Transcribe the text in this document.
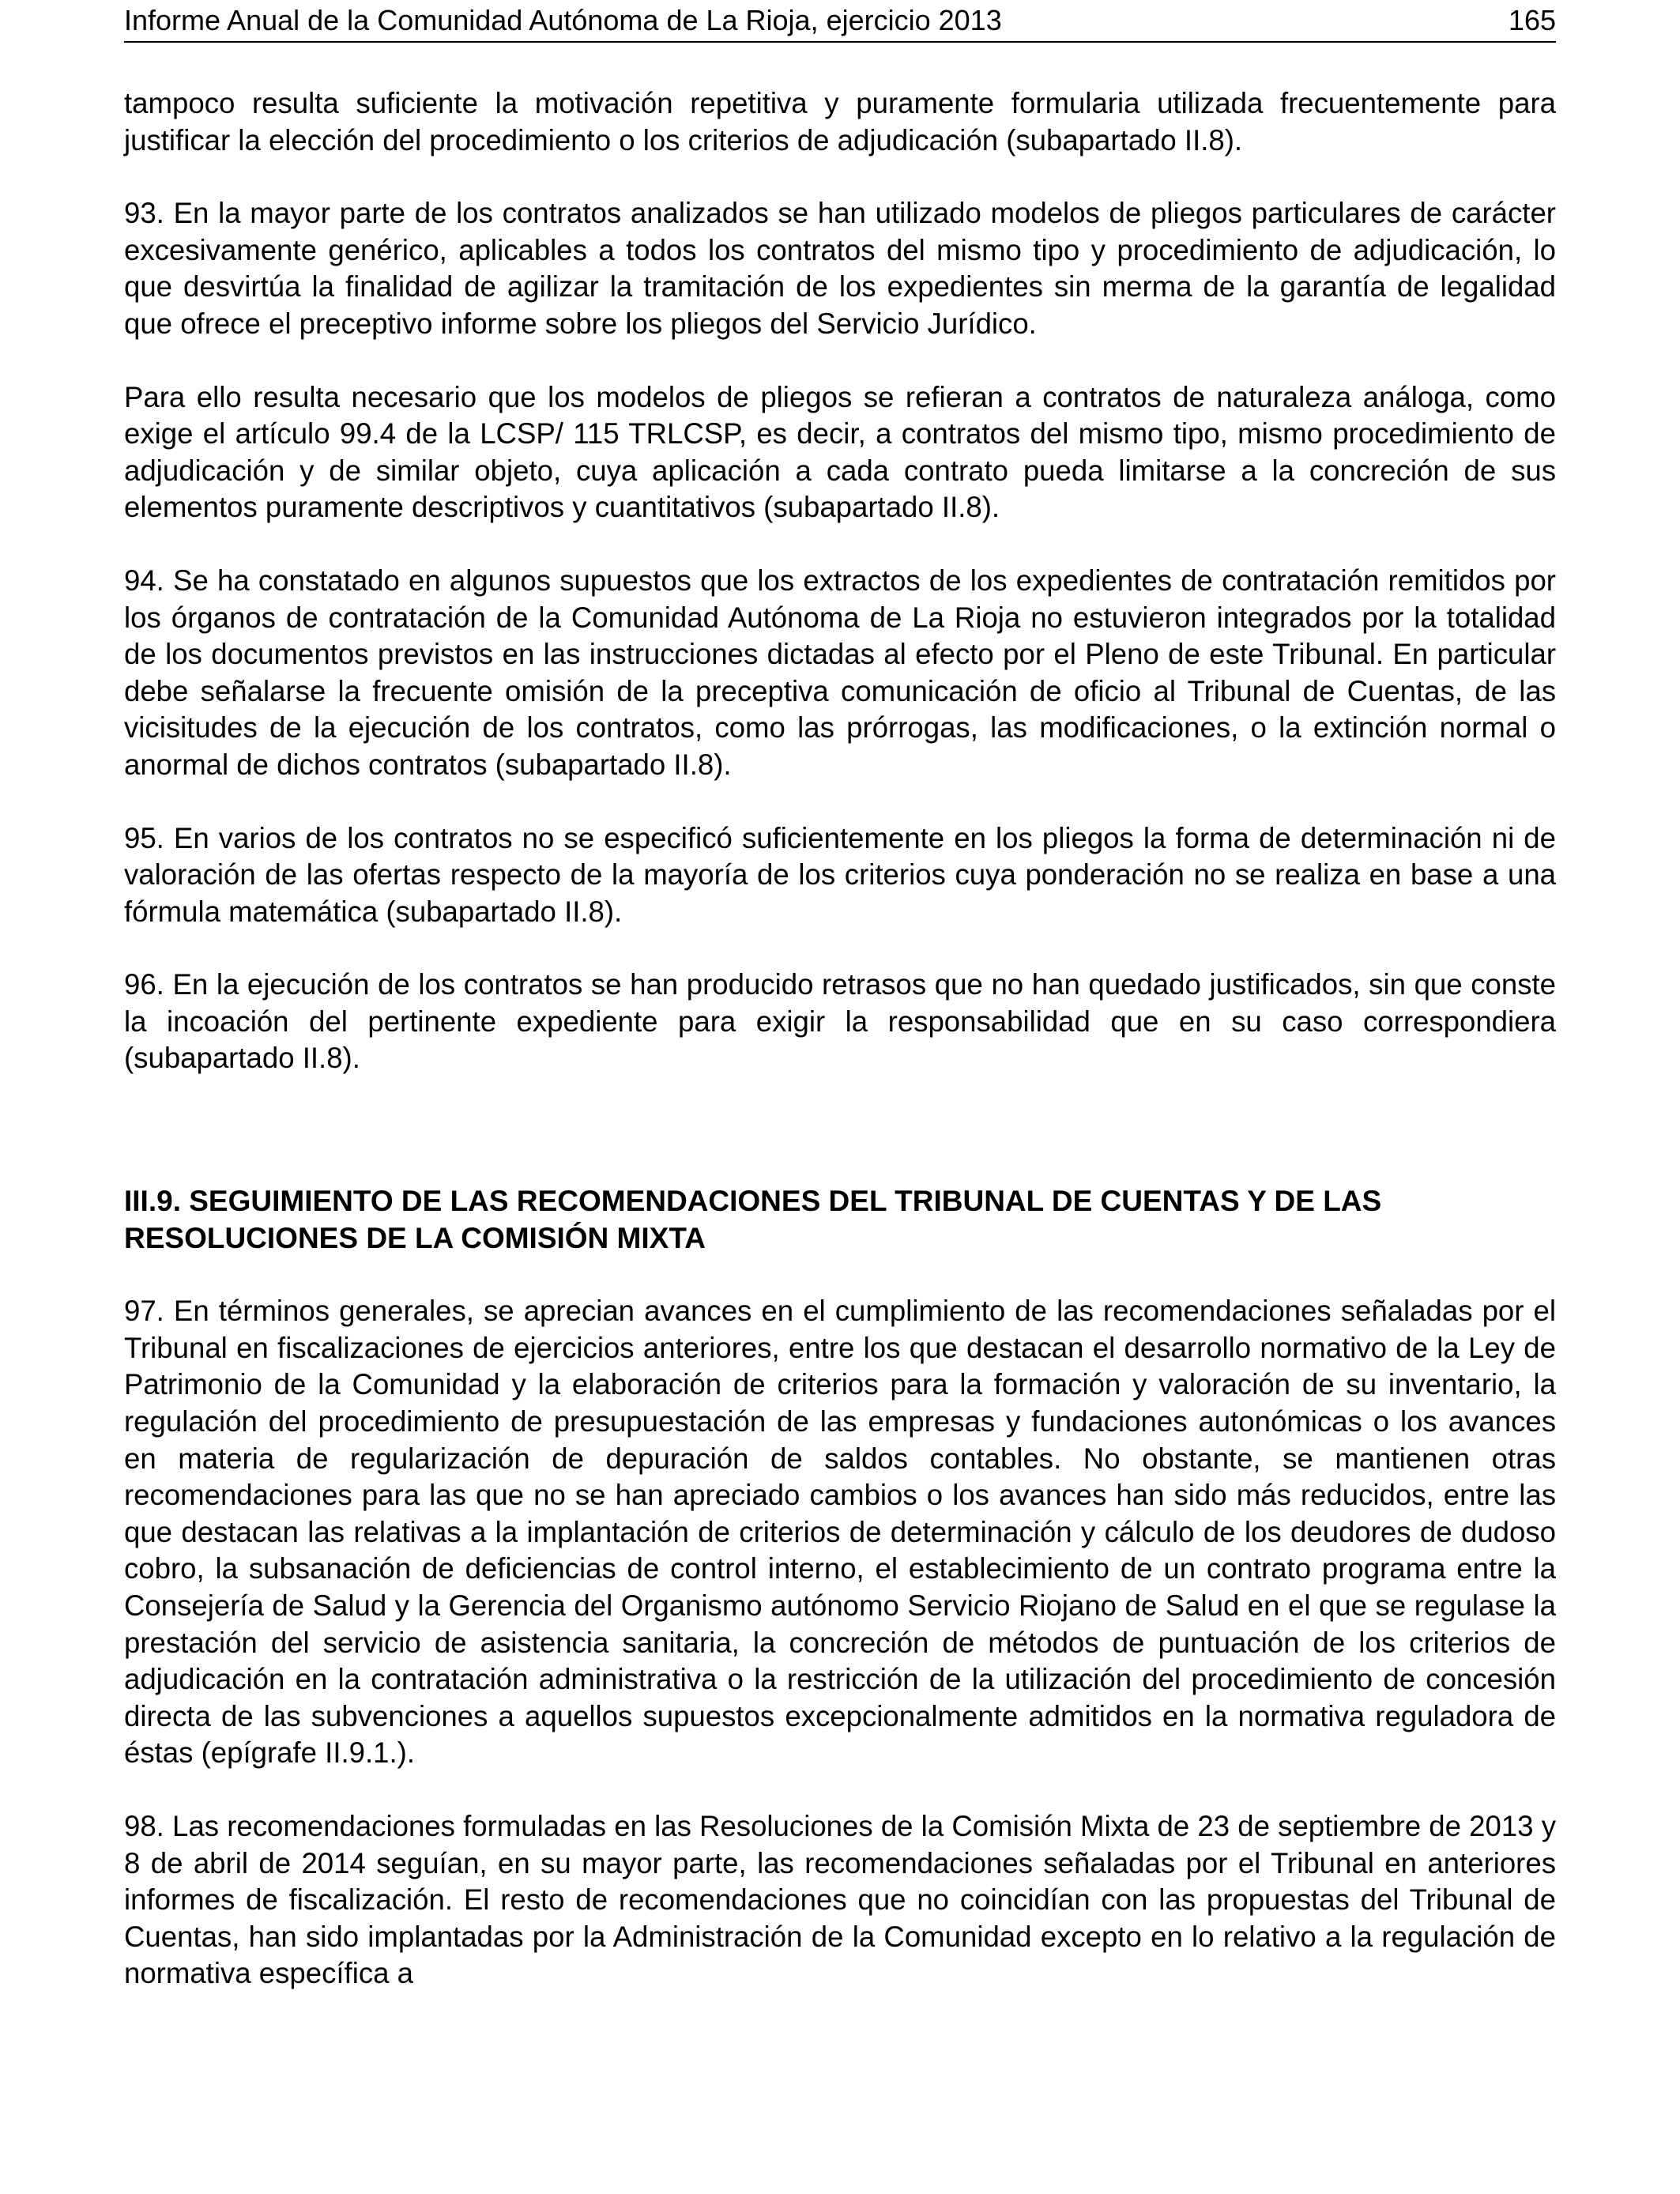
Informe Anual de la Comunidad Autónoma de La Rioja, ejercicio 2013	165

tampoco resulta suficiente la motivación repetitiva y puramente formularia utilizada frecuentemente para justificar la elección del procedimiento o los criterios de adjudicación (subapartado II.8).

93. En la mayor parte de los contratos analizados se han utilizado modelos de pliegos particulares de carácter excesivamente genérico, aplicables a todos los contratos del mismo tipo y procedimiento de adjudicación, lo que desvirtúa la finalidad de agilizar la tramitación de los expedientes sin merma de la garantía de legalidad que ofrece el preceptivo informe sobre los pliegos del Servicio Jurídico.

Para ello resulta necesario que los modelos de pliegos se refieran a contratos de naturaleza análoga, como exige el artículo 99.4 de la LCSP/ 115 TRLCSP, es decir, a contratos del mismo tipo, mismo procedimiento de adjudicación y de similar objeto, cuya aplicación a cada contrato pueda limitarse a la concreción de sus elementos puramente descriptivos y cuantitativos (subapartado II.8).

94. Se ha constatado en algunos supuestos que los extractos de los expedientes de contratación remitidos por los órganos de contratación de la Comunidad Autónoma de La Rioja no estuvieron integrados por la totalidad de los documentos previstos en las instrucciones dictadas al efecto por el Pleno de este Tribunal. En particular debe señalarse la frecuente omisión de la preceptiva comunicación de oficio al Tribunal de Cuentas, de las vicisitudes de la ejecución de los contratos, como las prórrogas, las modificaciones, o la extinción normal o anormal de dichos contratos (subapartado II.8).

95. En varios de los contratos no se especificó suficientemente en los pliegos la forma de determinación ni de valoración de las ofertas respecto de la mayoría de los criterios cuya ponderación no se realiza en base a una fórmula matemática (subapartado II.8).

96. En la ejecución de los contratos se han producido retrasos que no han quedado justificados, sin que conste la incoación del pertinente expediente para exigir la responsabilidad que en su caso correspondiera (subapartado II.8).

III.9. SEGUIMIENTO DE LAS RECOMENDACIONES DEL TRIBUNAL DE CUENTAS Y DE LAS RESOLUCIONES DE LA COMISIÓN MIXTA

97. En términos generales, se aprecian avances en el cumplimiento de las recomendaciones señaladas por el Tribunal en fiscalizaciones de ejercicios anteriores, entre los que destacan el desarrollo normativo de la Ley de Patrimonio de la Comunidad y la elaboración de criterios para la formación y valoración de su inventario, la regulación del procedimiento de presupuestación de las empresas y fundaciones autonómicas o los avances en materia de regularización de depuración de saldos contables. No obstante, se mantienen otras recomendaciones para las que no se han apreciado cambios o los avances han sido más reducidos, entre las que destacan las relativas a la implantación de criterios de determinación y cálculo de los deudores de dudoso cobro, la subsanación de deficiencias de control interno, el establecimiento de un contrato programa entre la Consejería de Salud y la Gerencia del Organismo autónomo Servicio Riojano de Salud en el que se regulase la prestación del servicio de asistencia sanitaria, la concreción de métodos de puntuación de los criterios de adjudicación en la contratación administrativa o la restricción de la utilización del procedimiento de concesión directa de las subvenciones a aquellos supuestos excepcionalmente admitidos en la normativa reguladora de éstas (epígrafe II.9.1.).

98. Las recomendaciones formuladas en las Resoluciones de la Comisión Mixta de 23 de septiembre de 2013 y 8 de abril de 2014 seguían, en su mayor parte, las recomendaciones señaladas por el Tribunal en anteriores informes de fiscalización. El resto de recomendaciones que no coincidían con las propuestas del Tribunal de Cuentas, han sido implantadas por la Administración de la Comunidad excepto en lo relativo a la regulación de normativa específica a
